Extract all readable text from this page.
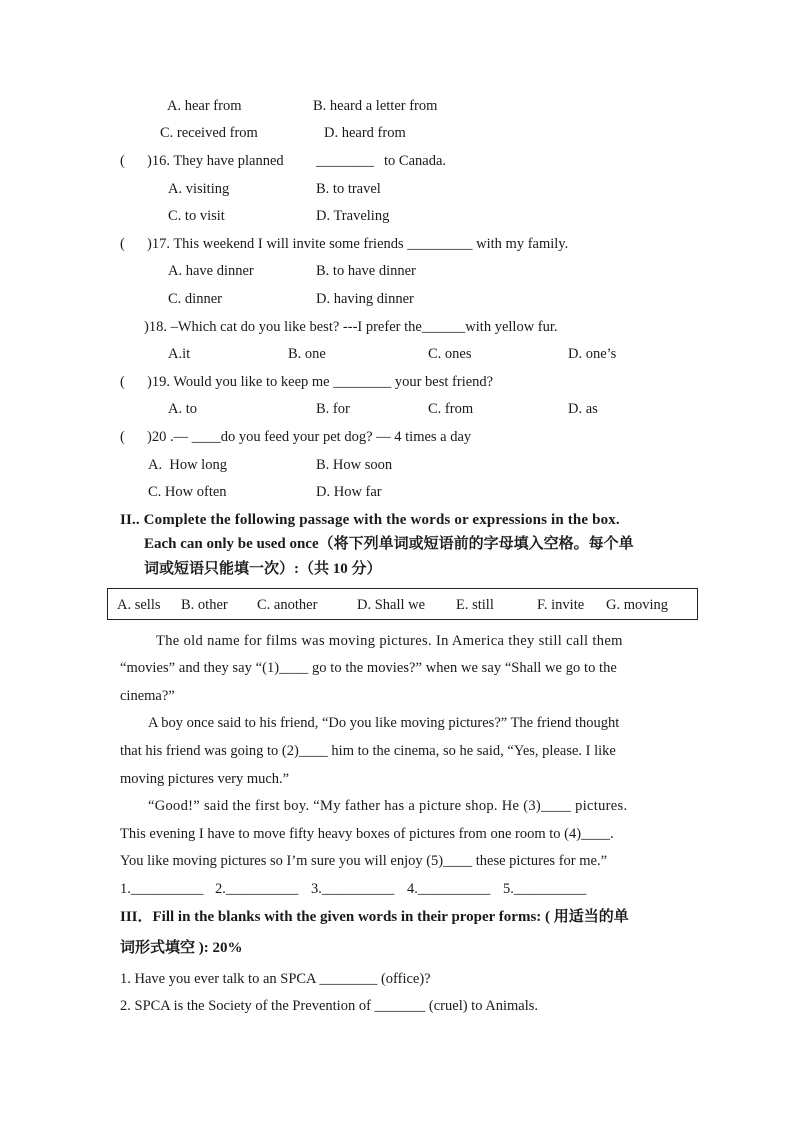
A. hear from	B. heard a letter from
C. received from	D. heard from
( )16. They have planned ________ to Canada.
A. visiting	B. to travel
C. to visit	D. Traveling
( )17. This weekend I will invite some friends _________ with my family.
A. have dinner	B. to have dinner
C. dinner	D. having dinner
)18. –Which cat do you like best? ---I prefer the______with yellow fur.
A.it	B. one	C. ones	D. one’s
( )19. Would you like to keep me ________ your best friend?
A. to	B. for	C. from	D. as
( )20 .— ____do you feed your pet dog? — 4 times a day
A.  How long	B. How soon
C. How often	D. How far
II.. Complete the following passage with the words or expressions in the box.
Each can only be used once（将下列单词或短语前的字母填入空格。每个单
词或短语只能填一次）:（共 10 分）
A. sells B. other C. another	D. Shall we E. still	F. invite G. moving
The old name for films was moving pictures. In America they still call them
“movies” and they say “(1)____ go to the movies?” when we say “Shall we go to the
cinema?”
A boy once said to his friend, “Do you like moving pictures?” The friend thought
that his friend was going to (2)____ him to the cinema, so he said, “Yes, please. I like
moving pictures very much.”
“Good!” said the first boy. “My father has a picture shop. He (3)____ pictures.
This evening I have to move fifty heavy boxes of pictures from one room to (4)____.
You like moving pictures so I’m sure you will enjoy (5)____ these pictures for me.”
1.__________ 2.__________ 3.__________ 4.__________ 5.__________
III．Fill in the blanks with the given words in their proper forms: ( 用适当的单
词形式填空 ): 20%
1. Have you ever talk to an SPCA ________ (office)?
2. SPCA is the Society of the Prevention of _______ (cruel) to Animals.
